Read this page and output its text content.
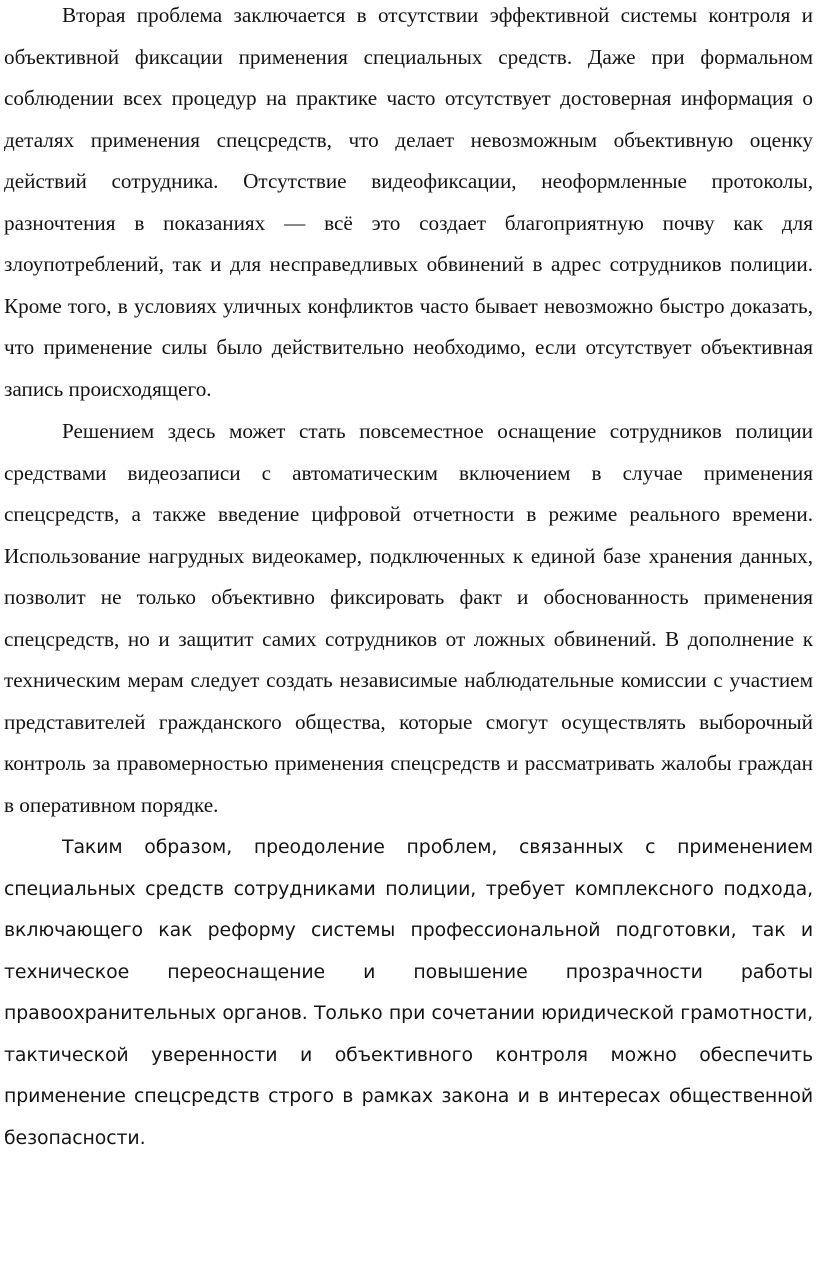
Вторая проблема заключается в отсутствии эффективной системы контроля и объективной фиксации применения специальных средств. Даже при формальном соблюдении всех процедур на практике часто отсутствует достоверная информация о деталях применения спецсредств, что делает невозможным объективную оценку действий сотрудника. Отсутствие видеофиксации, неоформленные протоколы, разночтения в показаниях — всё это создает благоприятную почву как для злоупотреблений, так и для несправедливых обвинений в адрес сотрудников полиции. Кроме того, в условиях уличных конфликтов часто бывает невозможно быстро доказать, что применение силы было действительно необходимо, если отсутствует объективная запись происходящего.

Решением здесь может стать повсеместное оснащение сотрудников полиции средствами видеозаписи с автоматическим включением в случае применения спецсредств, а также введение цифровой отчетности в режиме реального времени. Использование нагрудных видеокамер, подключенных к единой базе хранения данных, позволит не только объективно фиксировать факт и обоснованность применения спецсредств, но и защитит самих сотрудников от ложных обвинений. В дополнение к техническим мерам следует создать независимые наблюдательные комиссии с участием представителей гражданского общества, которые смогут осуществлять выборочный контроль за правомерностью применения спецсредств и рассматривать жалобы граждан в оперативном порядке.

Таким образом, преодоление проблем, связанных с применением специальных средств сотрудниками полиции, требует комплексного подхода, включающего как реформу системы профессиональной подготовки, так и техническое переоснащение и повышение прозрачности работы правоохранительных органов. Только при сочетании юридической грамотности, тактической уверенности и объективного контроля можно обеспечить применение спецсредств строго в рамках закона и в интересах общественной безопасности.
